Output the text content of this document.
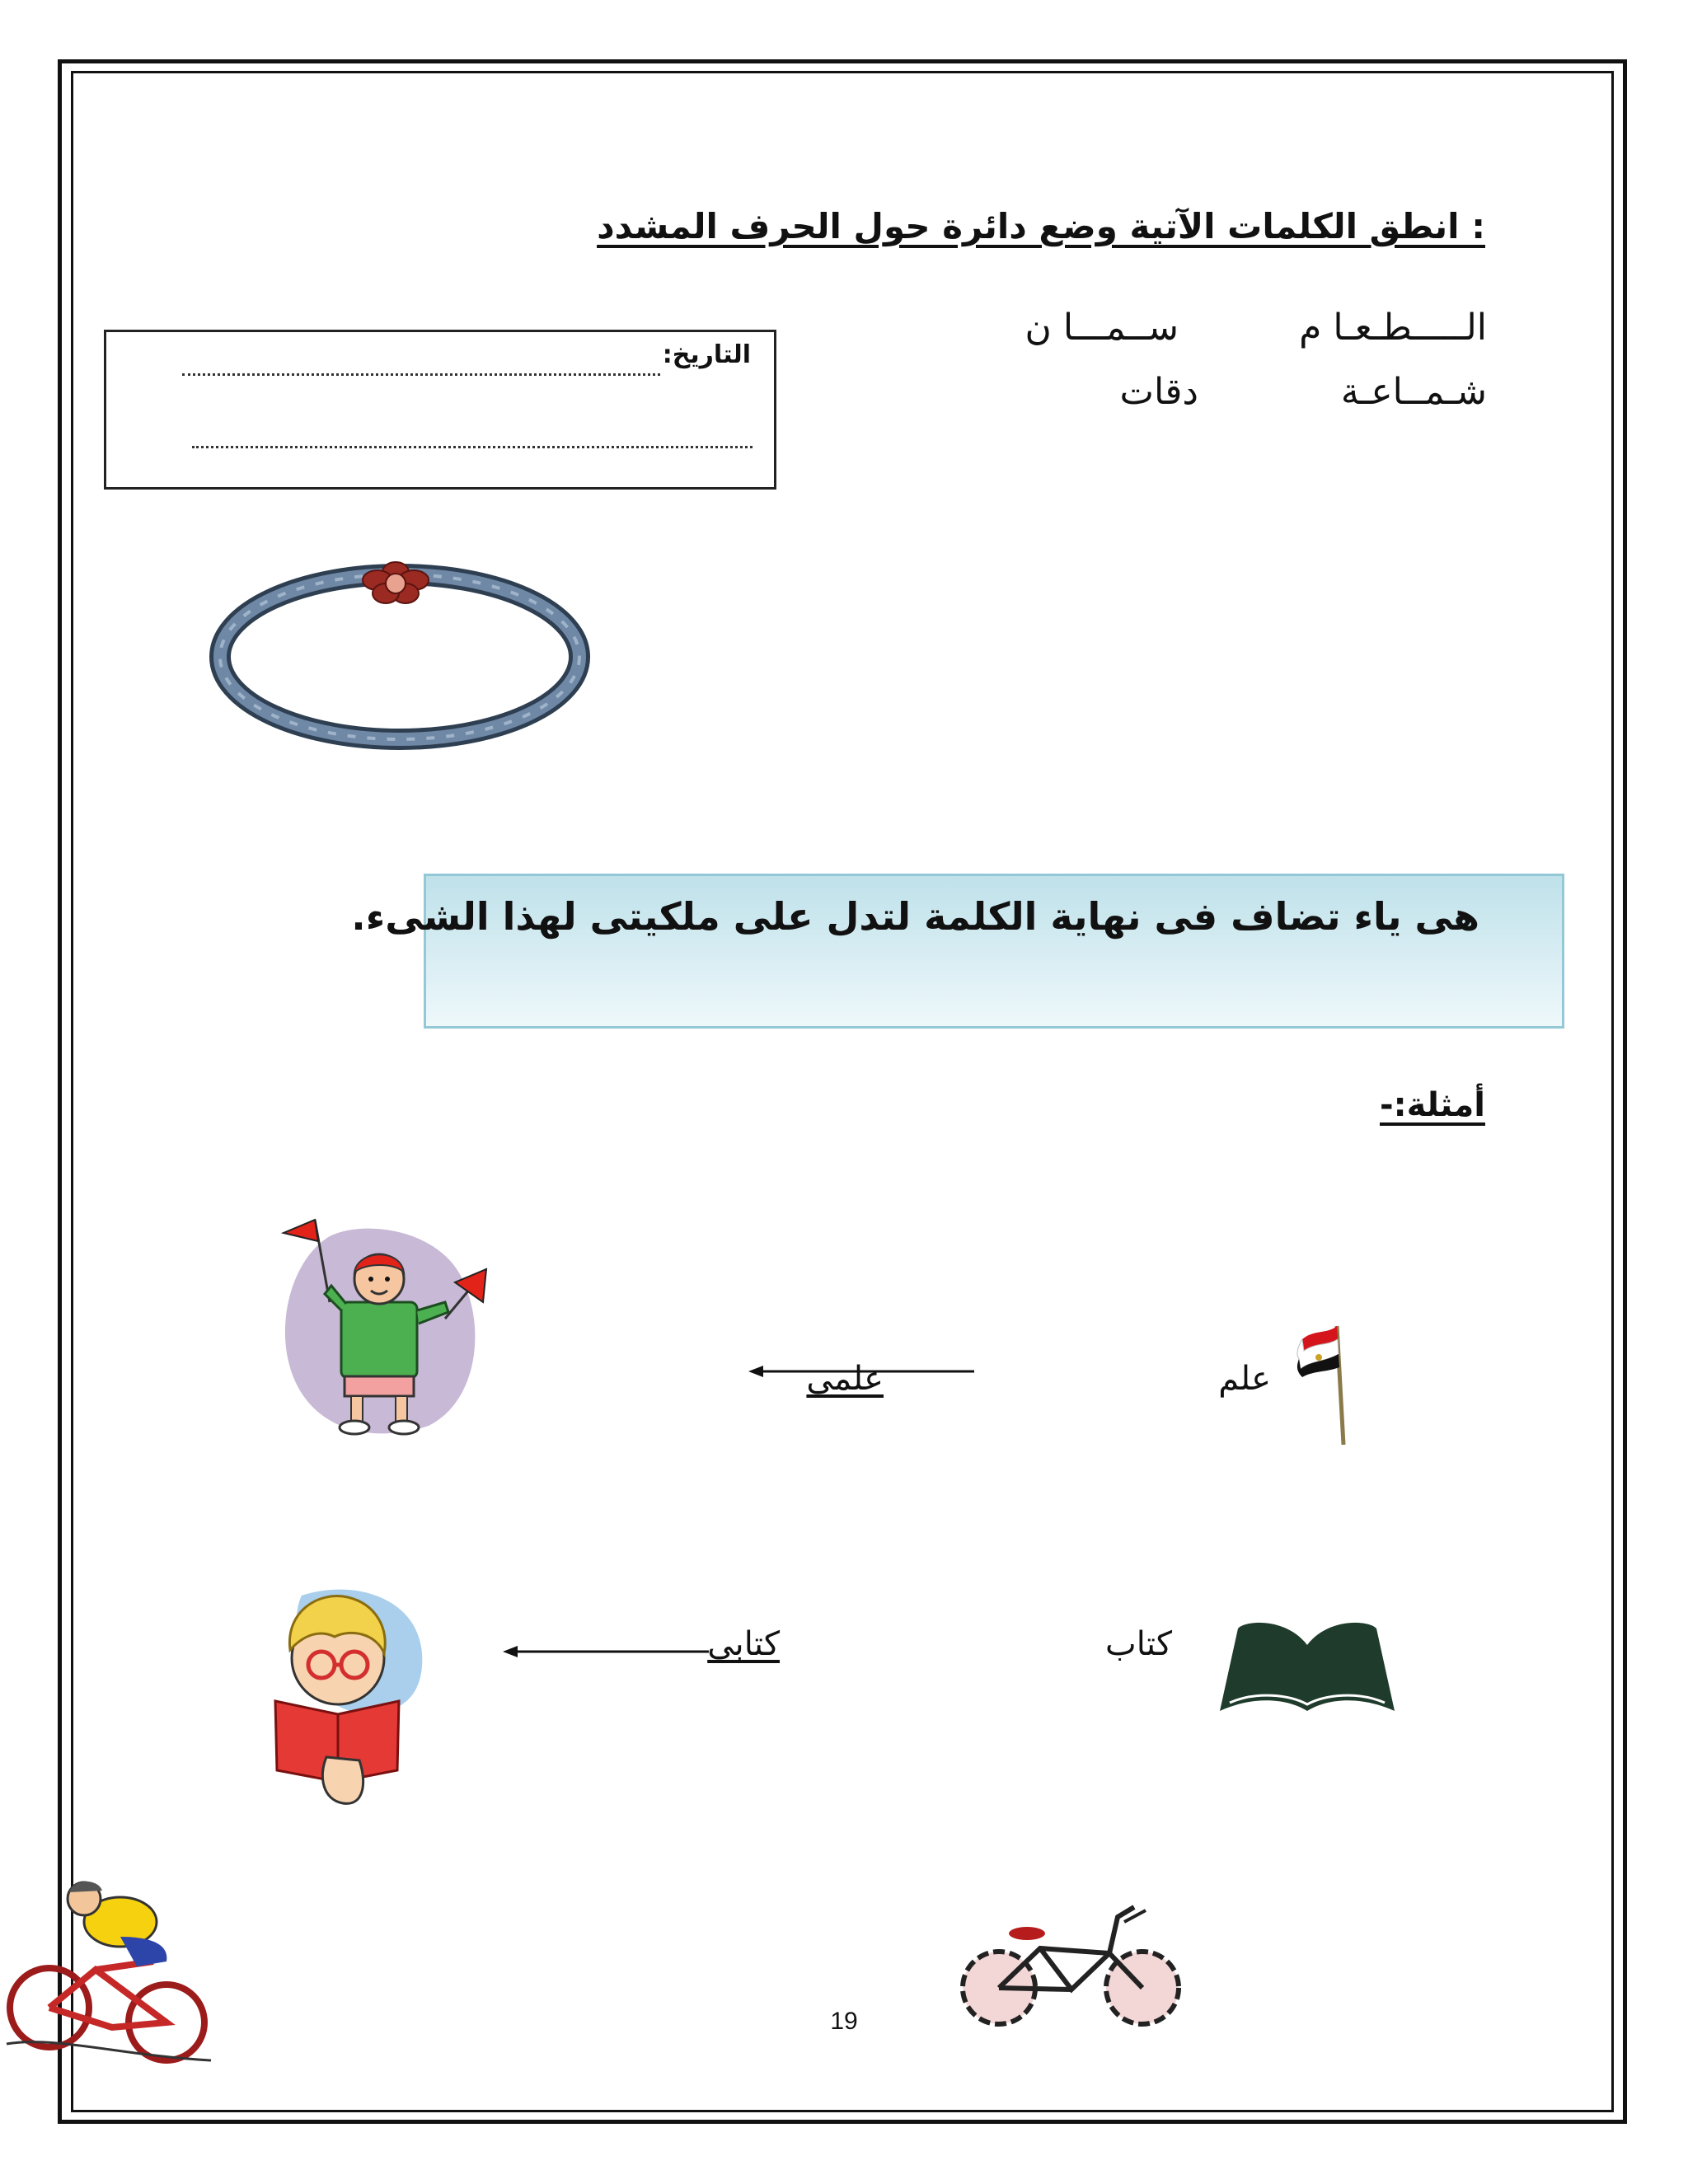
: انطق الكلمات الآتية وضع دائرة حول الحرف المشدد
الـــــطـعـا م
ســمـــا ن
شـمــاعـة
دقات
التاريخ:
هى ياء تضاف فى نهاية الكلمة لتدل على ملكيتى لهذا الشىء.
أمثلة:-
علم
علمى
كتاب
كتابى
19
